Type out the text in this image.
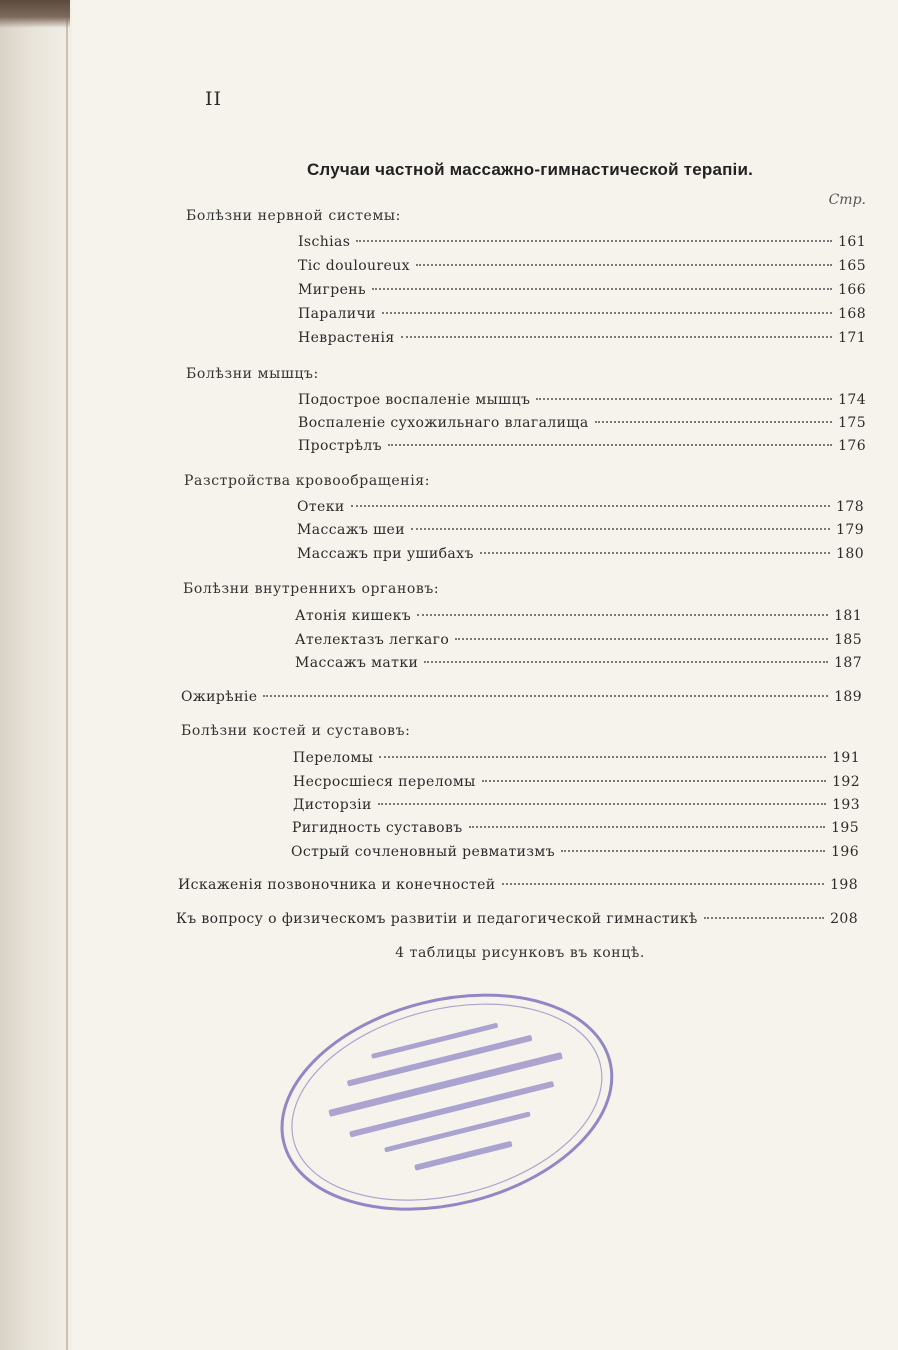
II
Случаи частной массажно-гимнастической терапіи.
Стр.
Болѣзни нервной системы:
Ischias	161
Tic douloureux	165
Мигрень	166
Параличи	168
Неврастенія	171
Болѣзни мышцъ:
Подострое воспаленіе мышцъ	174
Воспаленіе сухожильнаго влагалища	175
Прострѣлъ	176
Разстройства кровообращенія:
Отеки	178
Массажъ шеи	179
Массажъ при ушибахъ	180
Болѣзни внутреннихъ органовъ:
Атонія кишекъ	181
Ателектазъ легкаго	185
Массажъ матки	187
Ожирѣніе	189
Болѣзни костей и суставовъ:
Переломы	191
Несросшіеся переломы	192
Дисторзіи	193
Ригидность суставовъ	195
Острый сочленовный ревматизмъ	196
Искаженія позвоночника и конечностей	198
Къ вопросу о физическомъ развитіи и педагогической гимнастикѣ	208
4 таблицы рисунковъ въ концѣ.
